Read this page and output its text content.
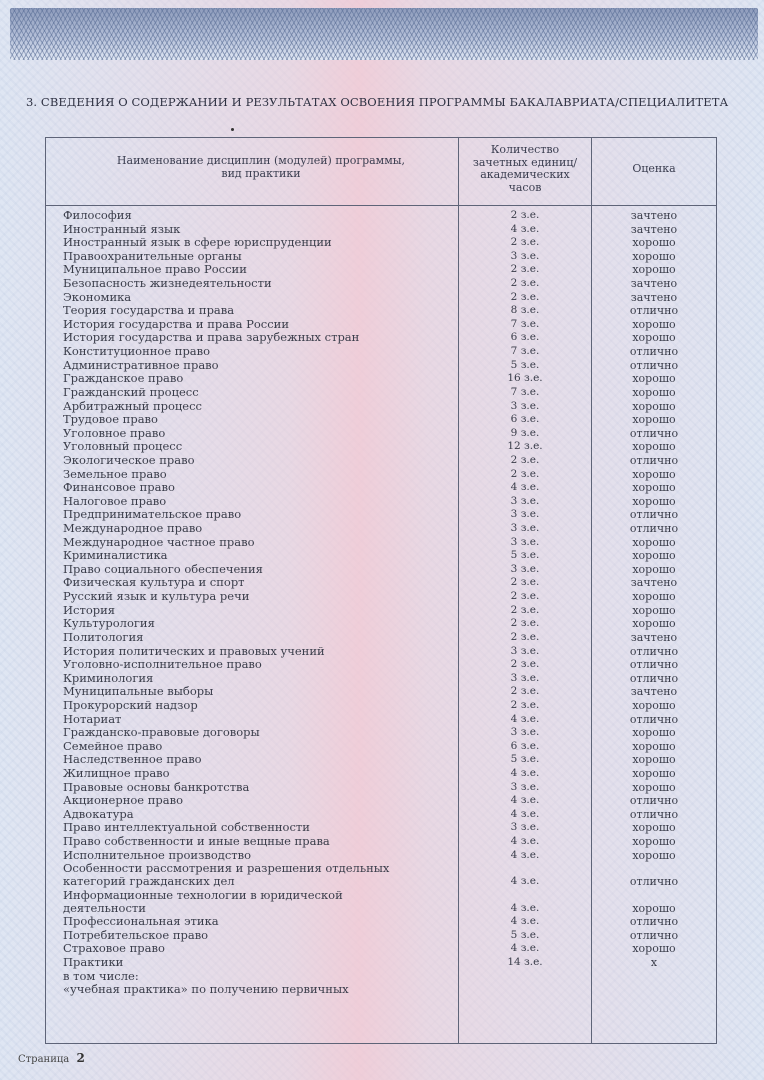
3. СВЕДЕНИЯ О СОДЕРЖАНИИ И РЕЗУЛЬТАТАХ ОСВОЕНИЯ ПРОГРАММЫ БАКАЛАВРИАТА/СПЕЦИАЛИТЕТА
Наименование дисциплин (модулей) программы,
вид практики
Количество
зачетных единиц/
академических
часов
Оценка
Философия	2 з.е.	зачтено
Иностранный язык	4 з.е.	зачтено
Иностранный язык в сфере юриспруденции	2 з.е.	хорошо
Правоохранительные органы	3 з.е.	хорошо
Муниципальное право России	2 з.е.	хорошо
Безопасность жизнедеятельности	2 з.е.	зачтено
Экономика	2 з.е.	зачтено
Теория государства и права	8 з.е.	отлично
История государства и права России	7 з.е.	хорошо
История государства и права зарубежных стран	6 з.е.	хорошо
Конституционное право	7 з.е.	отлично
Административное право	5 з.е.	отлично
Гражданское право	16 з.е.	хорошо
Гражданский процесс	7 з.е.	хорошо
Арбитражный процесс	3 з.е.	хорошо
Трудовое право	6 з.е.	хорошо
Уголовное право	9 з.е.	отлично
Уголовный процесс	12 з.е.	хорошо
Экологическое право	2 з.е.	отлично
Земельное право	2 з.е.	хорошо
Финансовое право	4 з.е.	хорошо
Налоговое право	3 з.е.	хорошо
Предпринимательское право	3 з.е.	отлично
Международное право	3 з.е.	отлично
Международное частное право	3 з.е.	хорошо
Криминалистика	5 з.е.	хорошо
Право социального обеспечения	3 з.е.	хорошо
Физическая культура и спорт	2 з.е.	зачтено
Русский язык и культура речи	2 з.е.	хорошо
История	2 з.е.	хорошо
Культурология	2 з.е.	хорошо
Политология	2 з.е.	зачтено
История политических и правовых учений	3 з.е.	отлично
Уголовно-исполнительное право	2 з.е.	отлично
Криминология	3 з.е.	отлично
Муниципальные выборы	2 з.е.	зачтено
Прокурорский надзор	2 з.е.	хорошо
Нотариат	4 з.е.	отлично
Гражданско-правовые договоры	3 з.е.	хорошо
Семейное право	6 з.е.	хорошо
Наследственное право	5 з.е.	хорошо
Жилищное право	4 з.е.	хорошо
Правовые основы банкротства	3 з.е.	хорошо
Акционерное право	4 з.е.	отлично
Адвокатура	4 з.е.	отлично
Право интеллектуальной собственности	3 з.е.	хорошо
Право собственности и иные вещные права	4 з.е.	хорошо
Исполнительное производство	4 з.е.	хорошо
Особенности рассмотрения и разрешения отдельных
категорий гражданских дел	4 з.е.	отлично
Информационные технологии в юридической
деятельности	4 з.е.	хорошо
Профессиональная этика	4 з.е.	отлично
Потребительское право	5 з.е.	отлично
Страховое право	4 з.е.	хорошо
Практики	14 з.е.	х
в том числе:
«учебная практика» по получению первичных
Страница 2
